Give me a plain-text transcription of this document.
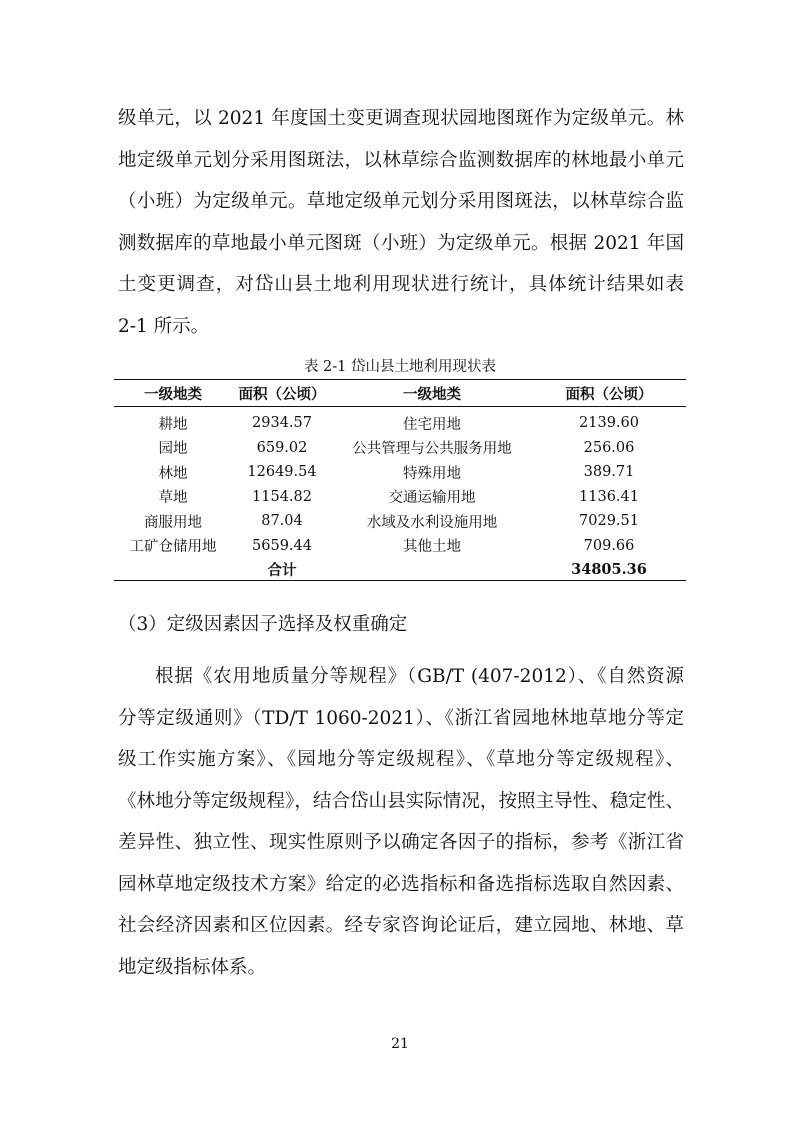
级单元，以 2021 年度国土变更调查现状园地图斑作为定级单元。林
地定级单元划分采用图斑法，以林草综合监测数据库的林地最小单元
（小班）为定级单元。草地定级单元划分采用图斑法，以林草综合监
测数据库的草地最小单元图斑（小班）为定级单元。根据 2021 年国
土变更调查，对岱山县土地利用现状进行统计，具体统计结果如表
2-1 所示。
表 2-1 岱山县土地利用现状表
一级地类	面积（公顷）	一级地类	面积（公顷）
耕地	2934.57	住宅用地	2139.60
园地	659.02	公共管理与公共服务用地	256.06
林地	12649.54	特殊用地	389.71
草地	1154.82	交通运输用地	1136.41
商服用地	87.04	水域及水利设施用地	7029.51
工矿仓储用地	5659.44	其他土地	709.66
	合计		34805.36

（3）定级因素因子选择及权重确定

根据《农用地质量分等规程》（GB/T (407-2012）、《自然资源
分等定级通则》（TD/T 1060-2021）、《浙江省园地林地草地分等定
级工作实施方案》、《园地分等定级规程》、《草地分等定级规程》、
《林地分等定级规程》，结合岱山县实际情况，按照主导性、稳定性、
差异性、独立性、现实性原则予以确定各因子的指标，参考《浙江省
园林草地定级技术方案》给定的必选指标和备选指标选取自然因素、
社会经济因素和区位因素。经专家咨询论证后，建立园地、林地、草
地定级指标体系。
21
